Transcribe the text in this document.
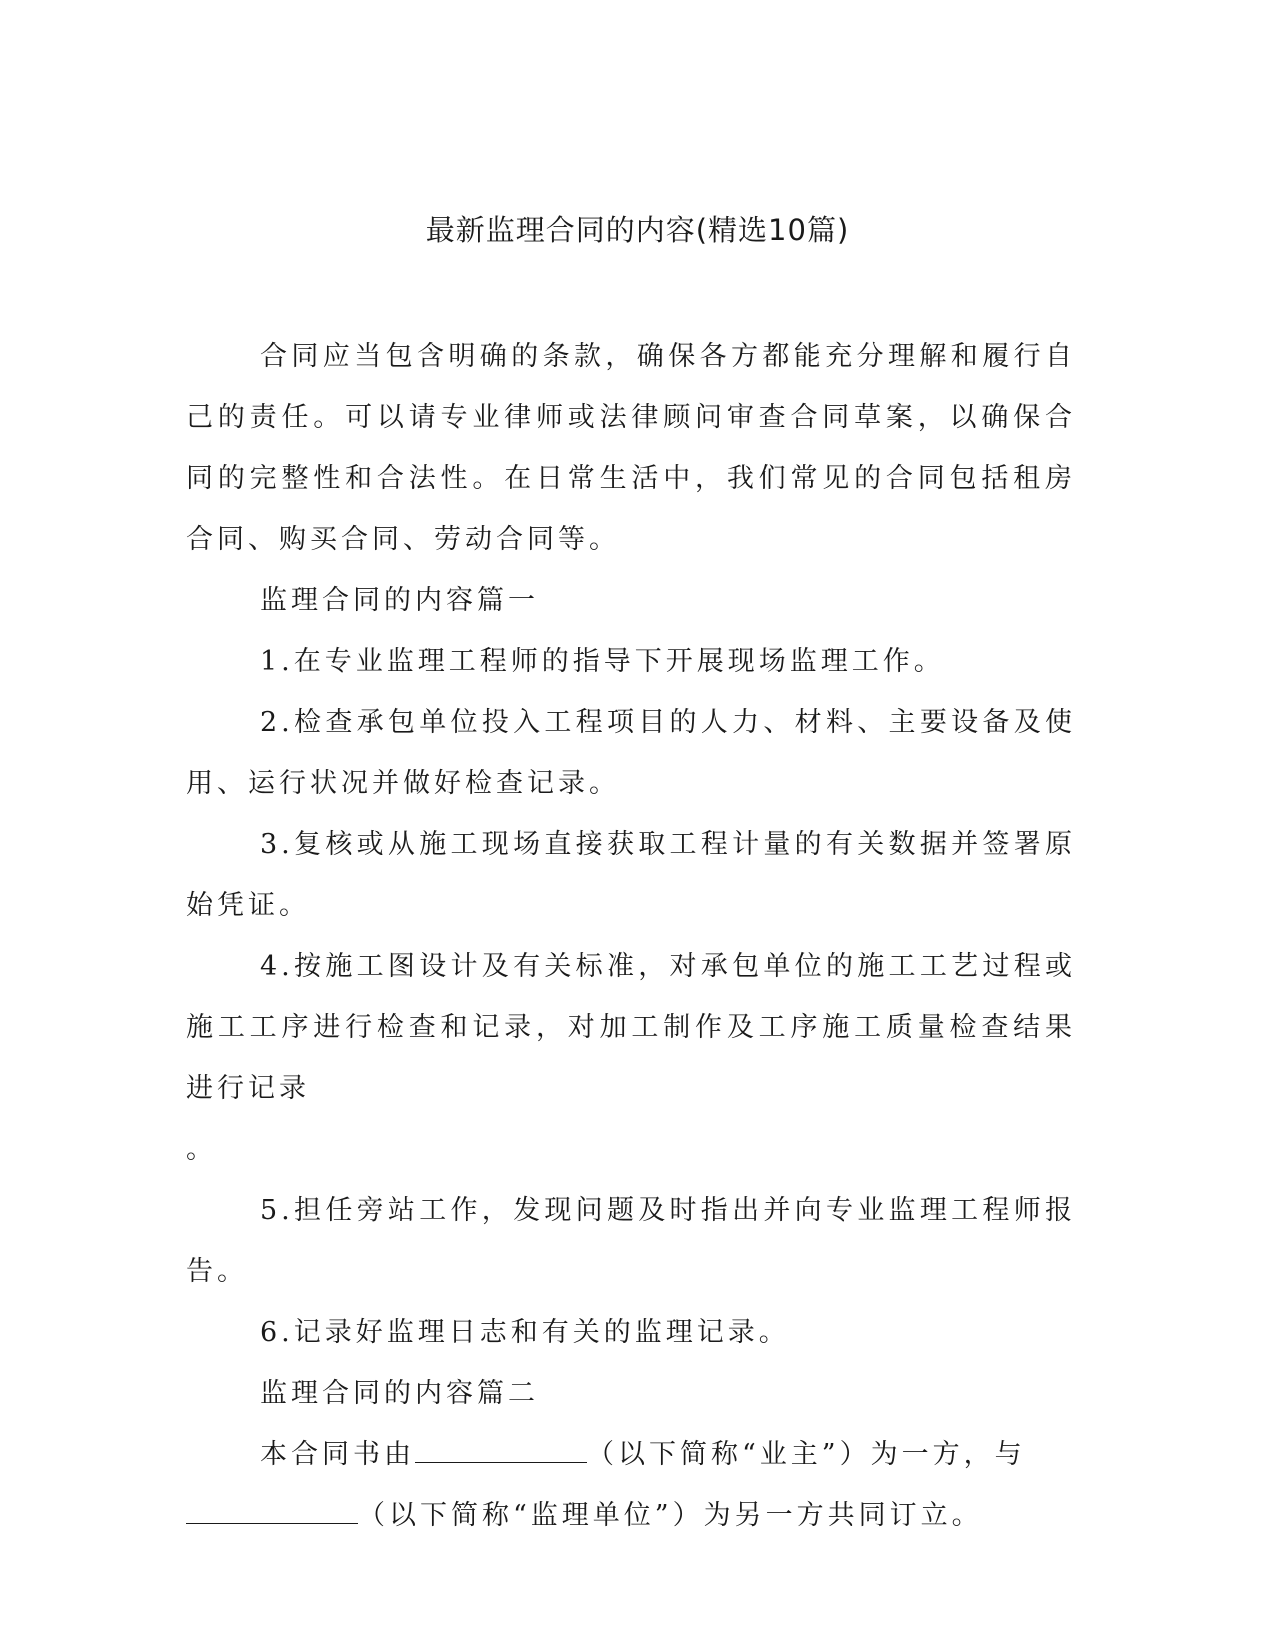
最新监理合同的内容(精选10篇)

合同应当包含明确的条款，确保各方都能充分理解和履行自己的责任。可以请专业律师或法律顾问审查合同草案，以确保合同的完整性和合法性。在日常生活中，我们常见的合同包括租房合同、购买合同、劳动合同等。

监理合同的内容篇一

1.在专业监理工程师的指导下开展现场监理工作。

2.检查承包单位投入工程项目的人力、材料、主要设备及使用、运行状况并做好检查记录。

3.复核或从施工现场直接获取工程计量的有关数据并签署原始凭证。

4.按施工图设计及有关标准，对承包单位的施工工艺过程或施工工序进行检查和记录，对加工制作及工序施工质量检查结果进行记录

。

5.担任旁站工作，发现问题及时指出并向专业监理工程师报告。

6.记录好监理日志和有关的监理记录。

监理合同的内容篇二

本合同书由	（以下简称“业主”）为一方，与

（以下简称“监理单位”）为另一方共同订立。
